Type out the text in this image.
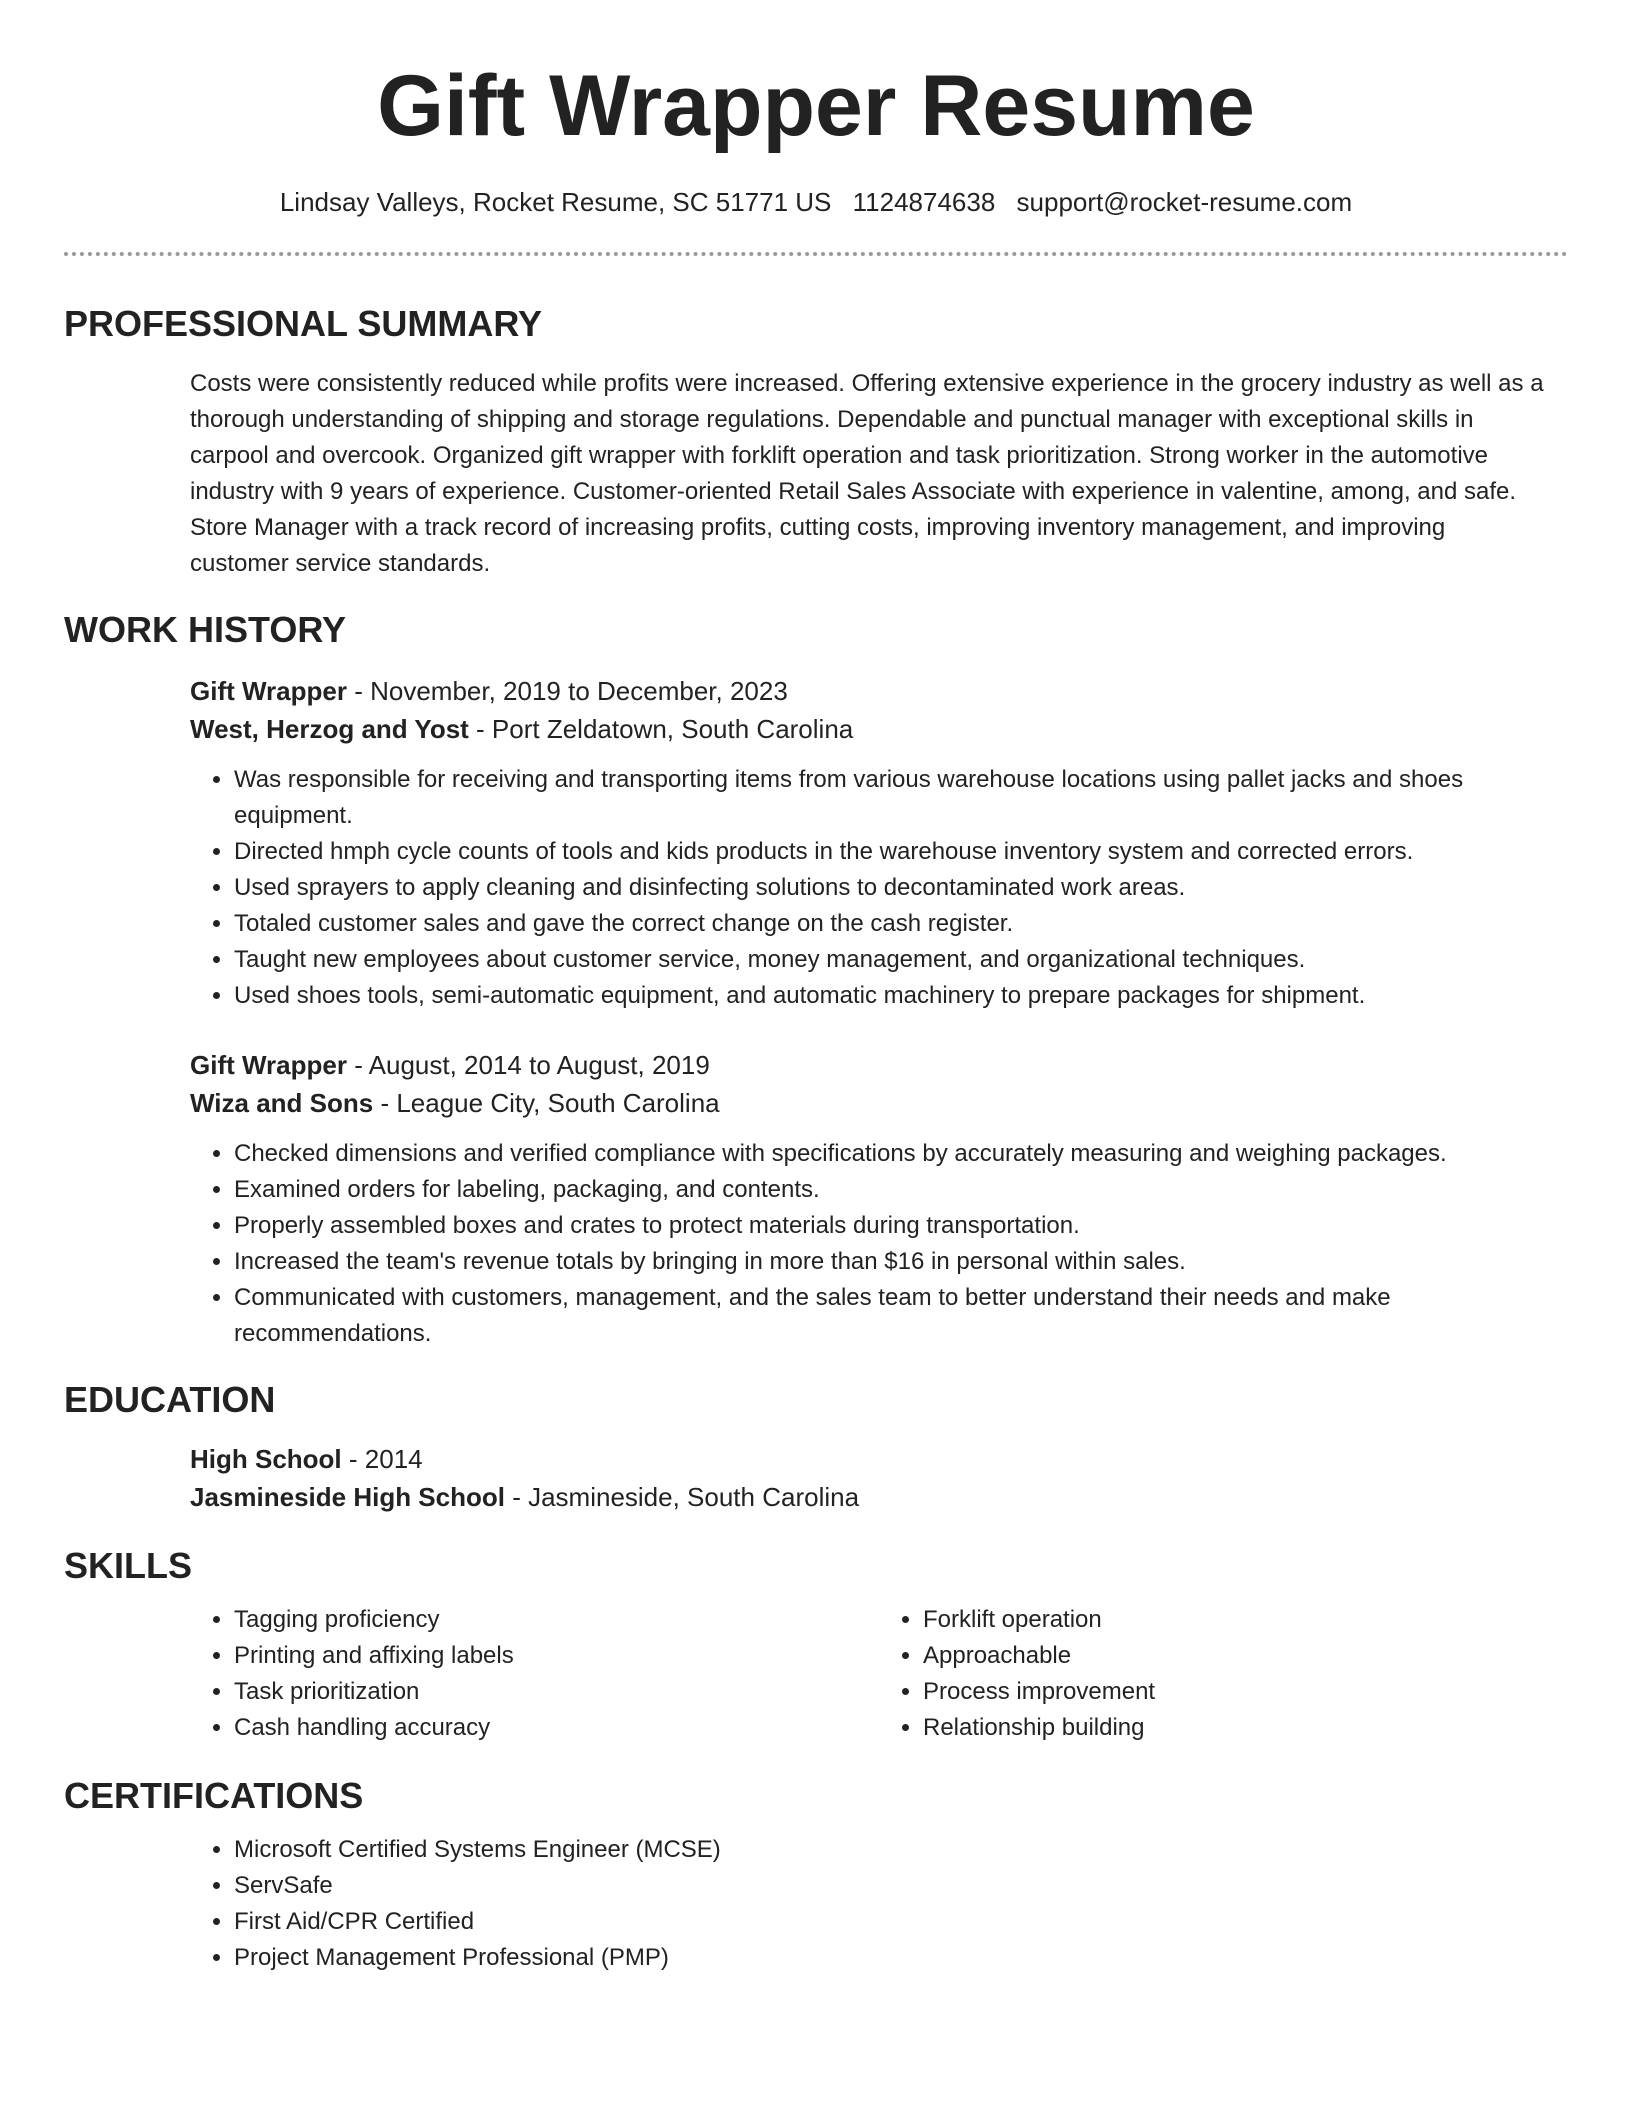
Gift Wrapper Resume
Lindsay Valleys, Rocket Resume, SC 51771 US 1124874638 support@rocket-resume.com
PROFESSIONAL SUMMARY

Costs were consistently reduced while profits were increased. Offering extensive experience in the grocery industry as well as a thorough understanding of shipping and storage regulations. Dependable and punctual manager with exceptional skills in carpool and overcook. Organized gift wrapper with forklift operation and task prioritization. Strong worker in the automotive industry with 9 years of experience. Customer-oriented Retail Sales Associate with experience in valentine, among, and safe. Store Manager with a track record of increasing profits, cutting costs, improving inventory management, and improving customer service standards.

WORK HISTORY
Gift Wrapper - November, 2019 to December, 2023
West, Herzog and Yost - Port Zeldatown, South Carolina
• Was responsible for receiving and transporting items from various warehouse locations using pallet jacks and shoes equipment.
• Directed hmph cycle counts of tools and kids products in the warehouse inventory system and corrected errors.
• Used sprayers to apply cleaning and disinfecting solutions to decontaminated work areas.
• Totaled customer sales and gave the correct change on the cash register.
• Taught new employees about customer service, money management, and organizational techniques.
• Used shoes tools, semi-automatic equipment, and automatic machinery to prepare packages for shipment.
Gift Wrapper - August, 2014 to August, 2019
Wiza and Sons - League City, South Carolina
• Checked dimensions and verified compliance with specifications by accurately measuring and weighing packages.
• Examined orders for labeling, packaging, and contents.
• Properly assembled boxes and crates to protect materials during transportation.
• Increased the team's revenue totals by bringing in more than $16 in personal within sales.
• Communicated with customers, management, and the sales team to better understand their needs and make recommendations.
EDUCATION
High School - 2014
Jasmineside High School - Jasmineside, South Carolina
SKILLS
• Tagging proficiency
• Printing and affixing labels
• Task prioritization
• Cash handling accuracy
• Forklift operation
• Approachable
• Process improvement
• Relationship building
CERTIFICATIONS
• Microsoft Certified Systems Engineer (MCSE)
• ServSafe
• First Aid/CPR Certified
• Project Management Professional (PMP)
